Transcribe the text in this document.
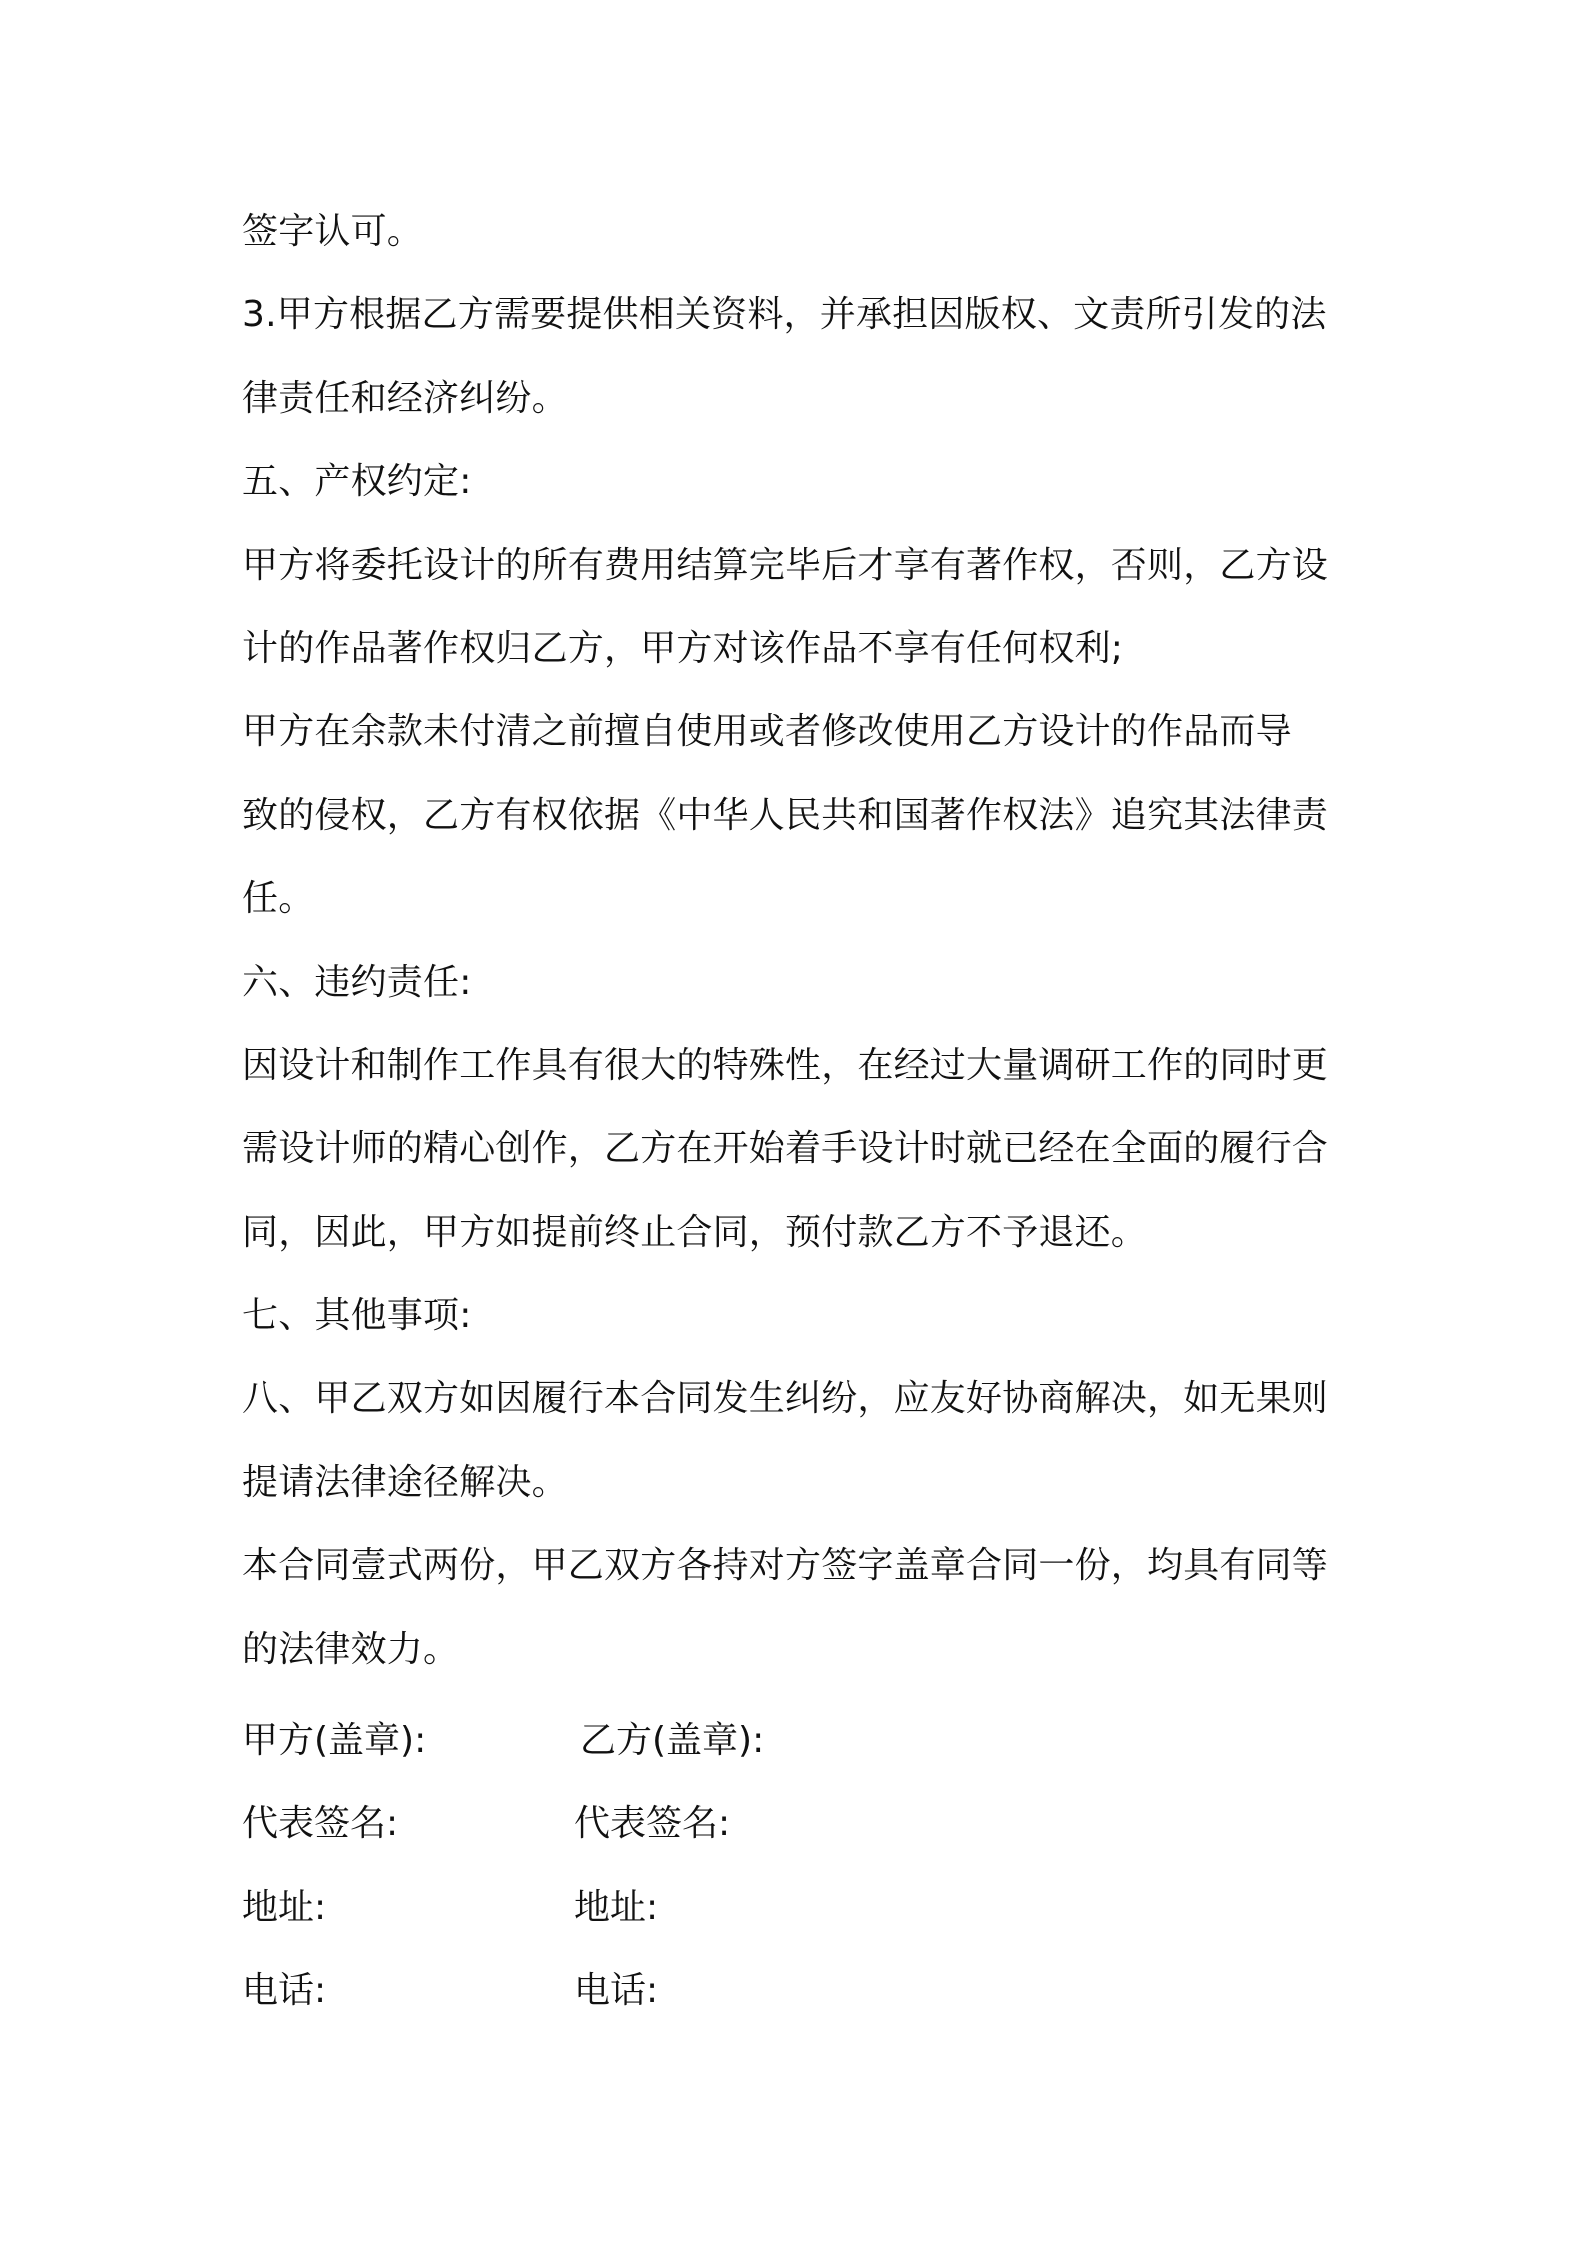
签字认可。
3.甲方根据乙方需要提供相关资料，并承担因版权、文责所引发的法
律责任和经济纠纷。
五、产权约定:
甲方将委托设计的所有费用结算完毕后才享有著作权，否则，乙方设
计的作品著作权归乙方，甲方对该作品不享有任何权利;
甲方在余款未付清之前擅自使用或者修改使用乙方设计的作品而导
致的侵权，乙方有权依据《中华人民共和国著作权法》追究其法律责
任。
六、违约责任:
因设计和制作工作具有很大的特殊性，在经过大量调研工作的同时更
需设计师的精心创作，乙方在开始着手设计时就已经在全面的履行合
同，因此，甲方如提前终止合同，预付款乙方不予退还。
七、其他事项:
八、甲乙双方如因履行本合同发生纠纷，应友好协商解决，如无果则
提请法律途径解决。
本合同壹式两份，甲乙双方各持对方签字盖章合同一份，均具有同等
的法律效力。
甲方(盖章):	乙方(盖章):
代表签名:	代表签名:
地址:	地址:
电话:	电话:
